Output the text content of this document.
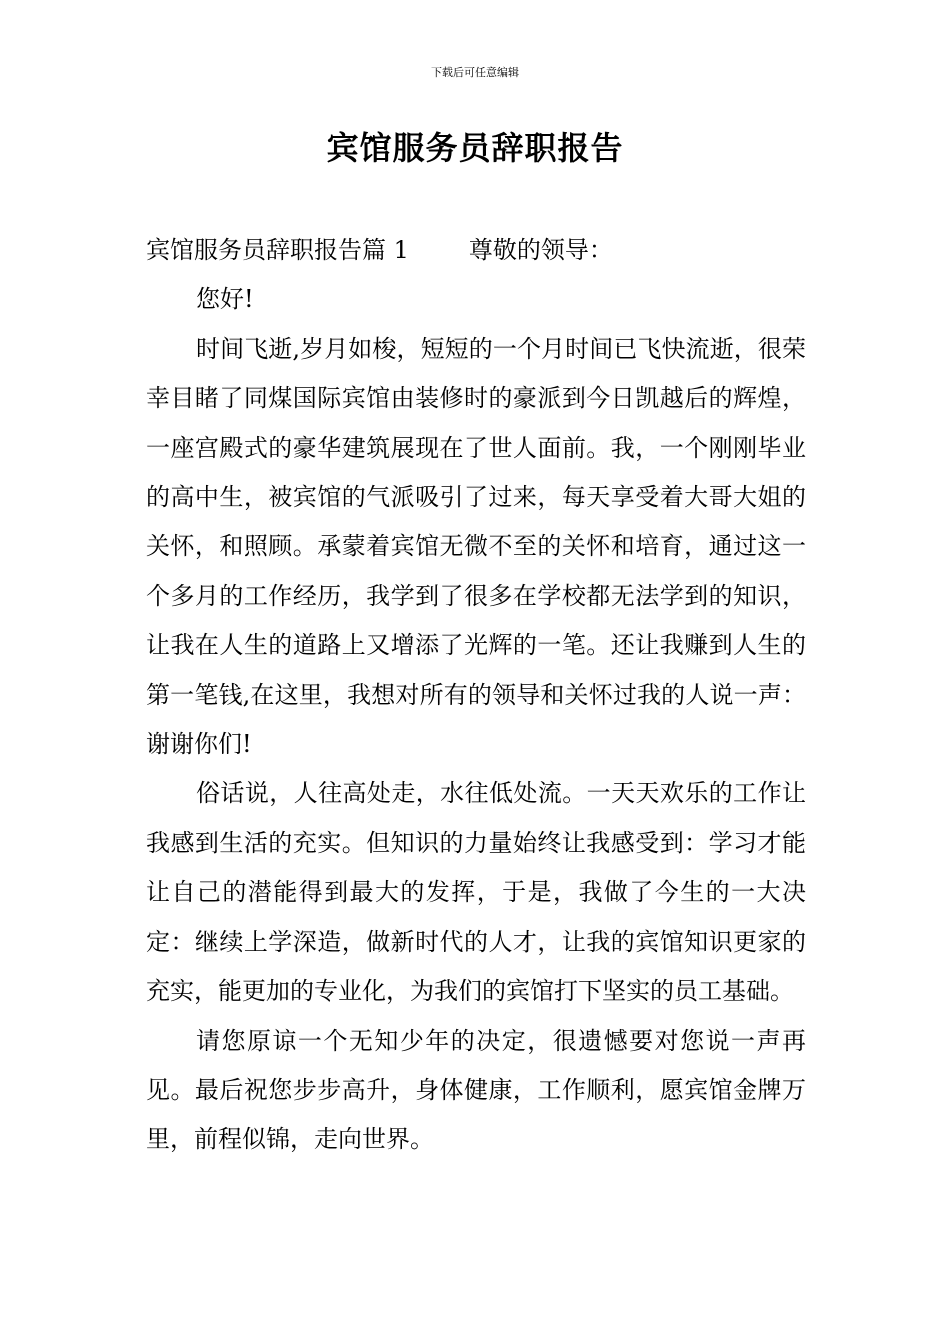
下载后可任意编辑
宾馆服务员辞职报告

宾馆服务员辞职报告篇 1	尊敬的领导：

您好!

时间飞逝,岁月如梭，短短的一个月时间已飞快流逝，很荣幸目睹了同煤国际宾馆由装修时的豪派到今日凯越后的辉煌，一座宫殿式的豪华建筑展现在了世人面前。我，一个刚刚毕业的高中生，被宾馆的气派吸引了过来，每天享受着大哥大姐的关怀，和照顾。承蒙着宾馆无微不至的关怀和培育，通过这一个多月的工作经历，我学到了很多在学校都无法学到的知识，让我在人生的道路上又增添了光辉的一笔。还让我赚到人生的第一笔钱,在这里，我想对所有的领导和关怀过我的人说一声：谢谢你们!

俗话说，人往高处走，水往低处流。一天天欢乐的工作让我感到生活的充实。但知识的力量始终让我感受到：学习才能让自己的潜能得到最大的发挥，于是，我做了今生的一大决定：继续上学深造，做新时代的人才，让我的宾馆知识更家的充实，能更加的专业化，为我们的宾馆打下坚实的员工基础。

请您原谅一个无知少年的决定，很遗憾要对您说一声再见。最后祝您步步高升，身体健康，工作顺利，愿宾馆金牌万里，前程似锦，走向世界。
